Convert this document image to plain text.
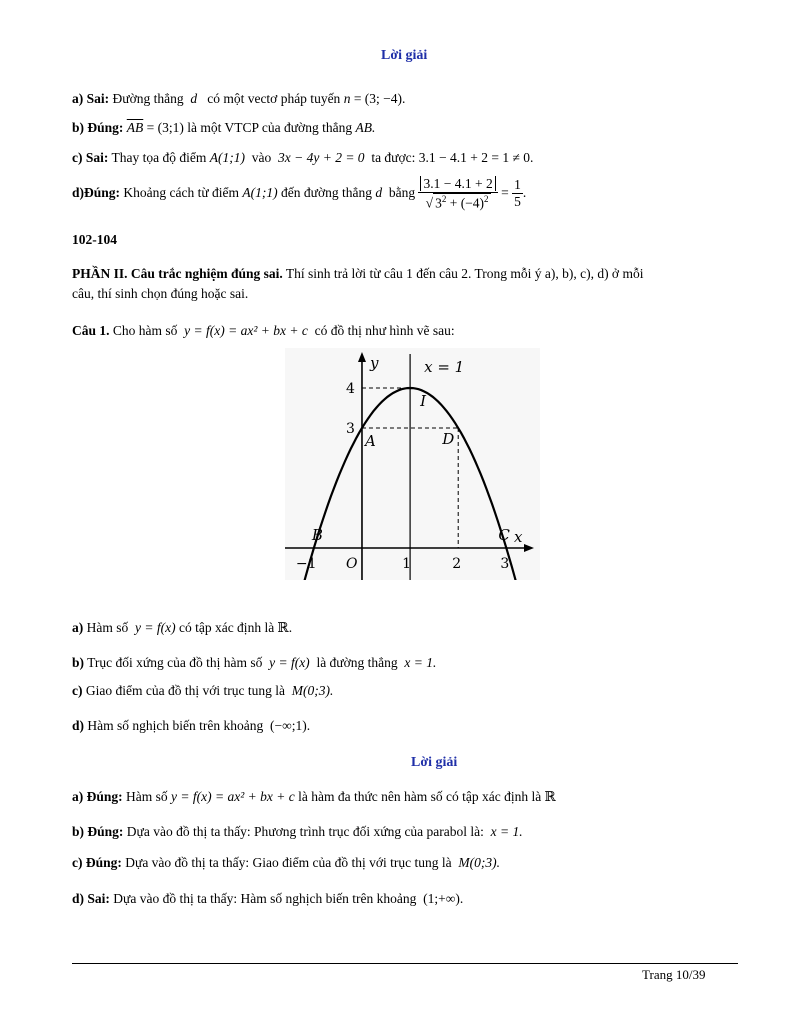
Lời giải
a) Sai: Đường thẳng d có một vectơ pháp tuyến n = (3; −4).
b) Đúng: $\overline{AB}$ = (3;1) là một VTCP của đường thẳng AB.
c) Sai: Thay tọa độ điểm A(1;1) vào 3x − 4y + 2 = 0 ta được: 3.1 − 4.1 + 2 = 1 ≠ 0.
d)Đúng: Khoảng cách từ điểm A(1;1) đến đường thẳng d bằng $\frac{3.1 - 4.1 + 2}{√ 3^2 + (-4)^2} = \frac{1}{5}$ .
102-104
PHẦN II. Câu trắc nghiệm đúng sai. Thí sinh trả lời từ câu 1 đến câu 2. Trong mỗi ý a), b), c), d) ở mỗi
câu, thí sinh chọn đúng hoặc sai.
Câu 1. Cho hàm số y = f(x) = ax² + bx + c có đồ thị như hình vẽ sau:
x
y	x = 1
4
3
−1 O	1	2	3
I
A	D
B	C
a) Hàm số y = f(x) có tập xác định là ℝ.
b) Trục đối xứng của đồ thị hàm số y = f(x) là đường thẳng x = 1.
c) Giao điểm của đồ thị với trục tung là M(0;3).
d) Hàm số nghịch biến trên khoảng (−∞;1).
Lời giải
a) Đúng: Hàm số y = f(x) = ax² + bx + c là hàm đa thức nên hàm số có tập xác định là ℝ
b) Đúng: Dựa vào đồ thị ta thấy: Phương trình trục đối xứng của parabol là: x = 1.
c) Đúng: Dựa vào đồ thị ta thấy: Giao điểm của đồ thị với trục tung là M(0;3).
d) Sai: Dựa vào đồ thị ta thấy: Hàm số nghịch biến trên khoảng (1;+∞).
Trang 10/39
